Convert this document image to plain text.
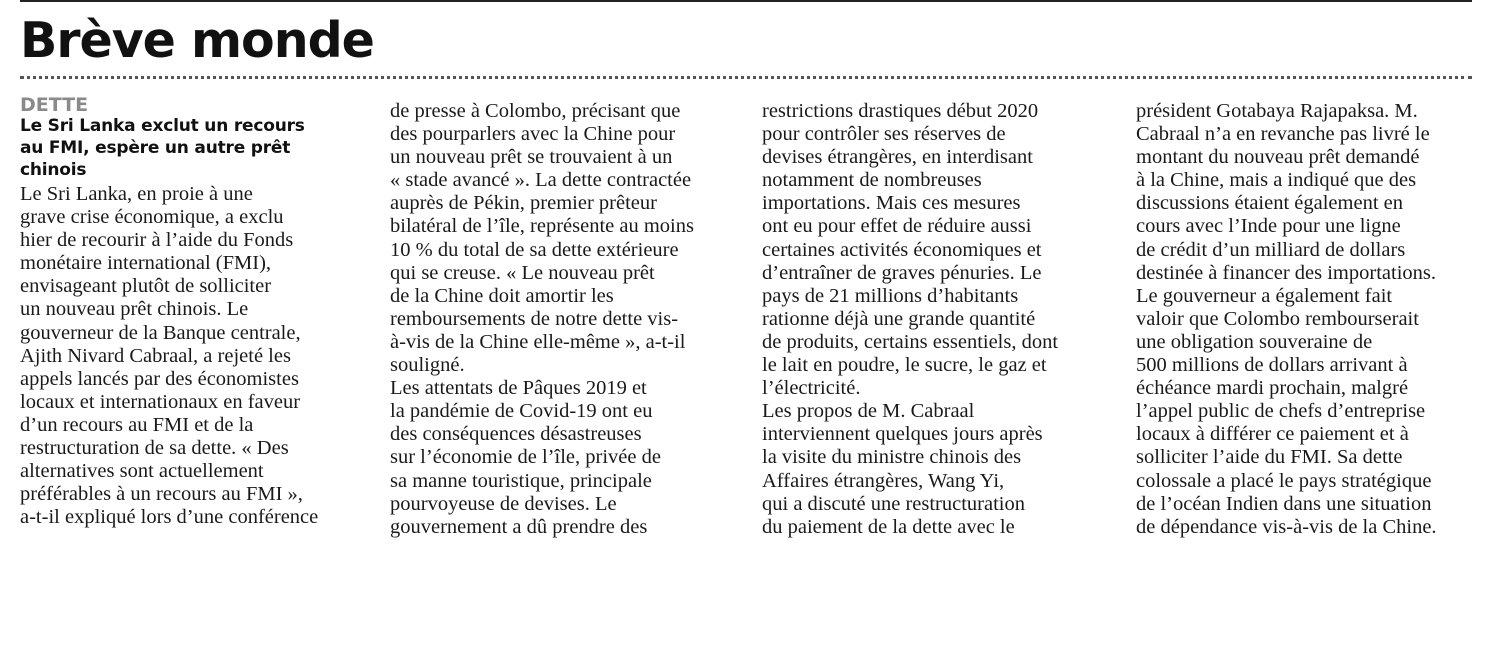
Brève monde
DETTE
Le Sri Lanka exclut un recours
au FMI, espère un autre prêt
chinois
Le Sri Lanka, en proie à une
grave crise économique, a exclu
hier de recourir à l’aide du Fonds
monétaire international (FMI),
envisageant plutôt de solliciter
un nouveau prêt chinois. Le
gouverneur de la Banque centrale,
Ajith Nivard Cabraal, a rejeté les
appels lancés par des économistes
locaux et internationaux en faveur
d’un recours au FMI et de la
restructuration de sa dette. « Des
alternatives sont actuellement
préférables à un recours au FMI »,
a-t-il expliqué lors d’une conférence
de presse à Colombo, précisant que
des pourparlers avec la Chine pour
un nouveau prêt se trouvaient à un
« stade avancé ». La dette contractée
auprès de Pékin, premier prêteur
bilatéral de l’île, représente au moins
10 % du total de sa dette extérieure
qui se creuse. « Le nouveau prêt
de la Chine doit amortir les
remboursements de notre dette vis-
à-vis de la Chine elle-même », a-t-il
souligné.
Les attentats de Pâques 2019 et
la pandémie de Covid-19 ont eu
des conséquences désastreuses
sur l’économie de l’île, privée de
sa manne touristique, principale
pourvoyeuse de devises. Le
gouvernement a dû prendre des
restrictions drastiques début 2020
pour contrôler ses réserves de
devises étrangères, en interdisant
notamment de nombreuses
importations. Mais ces mesures
ont eu pour effet de réduire aussi
certaines activités économiques et
d’entraîner de graves pénuries. Le
pays de 21 millions d’habitants
rationne déjà une grande quantité
de produits, certains essentiels, dont
le lait en poudre, le sucre, le gaz et
l’électricité.
Les propos de M. Cabraal
interviennent quelques jours après
la visite du ministre chinois des
Affaires étrangères, Wang Yi,
qui a discuté une restructuration
du paiement de la dette avec le
président Gotabaya Rajapaksa. M.
Cabraal n’a en revanche pas livré le
montant du nouveau prêt demandé
à la Chine, mais a indiqué que des
discussions étaient également en
cours avec l’Inde pour une ligne
de crédit d’un milliard de dollars
destinée à financer des importations.
Le gouverneur a également fait
valoir que Colombo rembourserait
une obligation souveraine de
500 millions de dollars arrivant à
échéance mardi prochain, malgré
l’appel public de chefs d’entreprise
locaux à différer ce paiement et à
solliciter l’aide du FMI. Sa dette
colossale a placé le pays stratégique
de l’océan Indien dans une situation
de dépendance vis-à-vis de la Chine.
